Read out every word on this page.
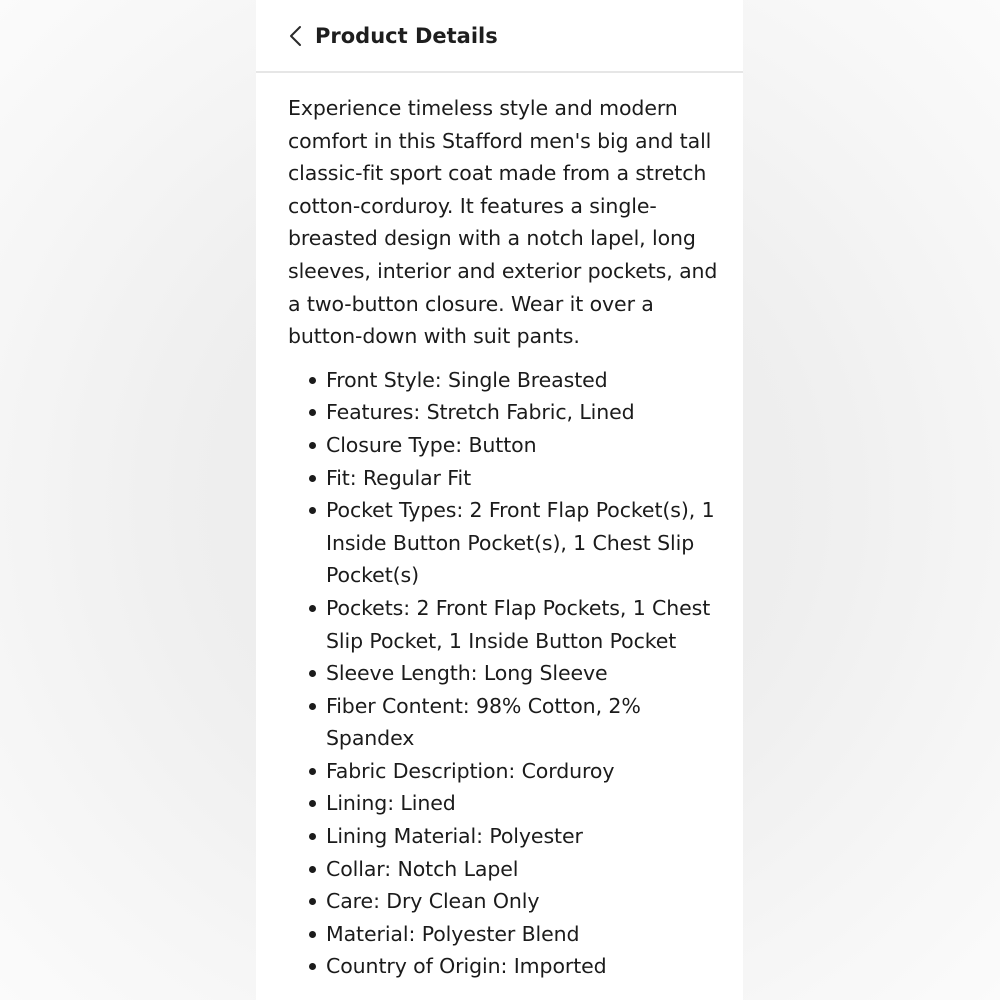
Product Details

Experience timeless style and modern comfort in this Stafford men's big and tall classic-fit sport coat made from a stretch cotton-corduroy. It features a single-breasted design with a notch lapel, long sleeves, interior and exterior pockets, and a two-button closure. Wear it over a button-down with suit pants.

Front Style: Single Breasted
Features: Stretch Fabric, Lined
Closure Type: Button
Fit: Regular Fit
Pocket Types: 2 Front Flap Pocket(s), 1 Inside Button Pocket(s), 1 Chest Slip Pocket(s)
Pockets: 2 Front Flap Pockets, 1 Chest Slip Pocket, 1 Inside Button Pocket
Sleeve Length: Long Sleeve
Fiber Content: 98% Cotton, 2% Spandex
Fabric Description: Corduroy
Lining: Lined
Lining Material: Polyester
Collar: Notch Lapel
Care: Dry Clean Only
Material: Polyester Blend
Country of Origin: Imported
